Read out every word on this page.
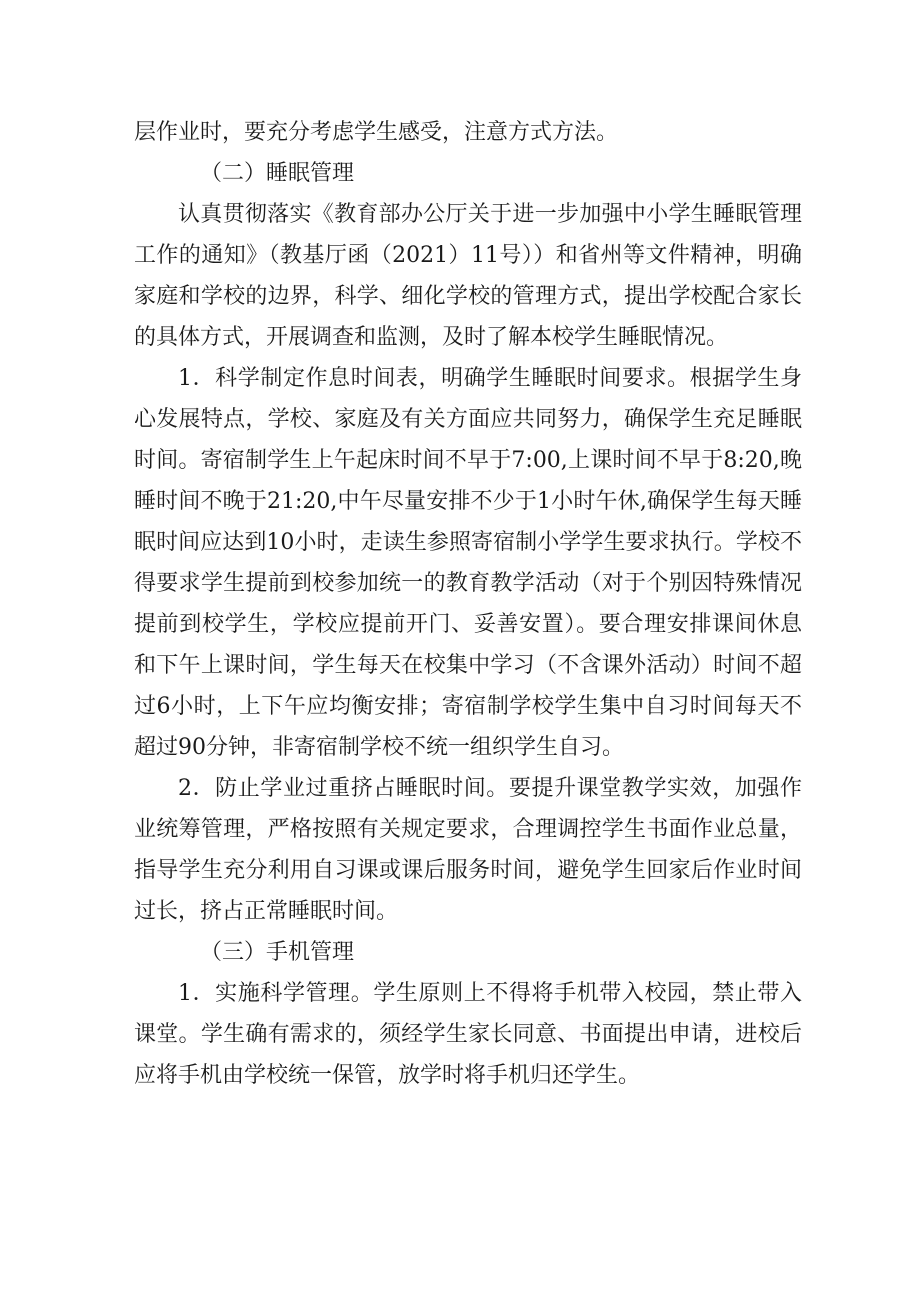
层作业时，要充分考虑学生感受，注意方式方法。

（二）睡眠管理

认真贯彻落实《教育部办公厅关于进一步加强中小学生睡眠管理工作的通知》（教基厅函（2021）11号））和省州等文件精神，明确家庭和学校的边界，科学、细化学校的管理方式，提出学校配合家长的具体方式，开展调查和监测，及时了解本校学生睡眠情况。

1．科学制定作息时间表，明确学生睡眠时间要求。根据学生身心发展特点，学校、家庭及有关方面应共同努力，确保学生充足睡眠时间。寄宿制学生上午起床时间不早于7:00,上课时间不早于8:20,晚睡时间不晚于21:20,中午尽量安排不少于1小时午休,确保学生每天睡眠时间应达到10小时，走读生参照寄宿制小学学生要求执行。学校不得要求学生提前到校参加统一的教育教学活动（对于个别因特殊情况提前到校学生，学校应提前开门、妥善安置）。要合理安排课间休息和下午上课时间，学生每天在校集中学习（不含课外活动）时间不超过6小时，上下午应均衡安排；寄宿制学校学生集中自习时间每天不超过90分钟，非寄宿制学校不统一组织学生自习。

2．防止学业过重挤占睡眠时间。要提升课堂教学实效，加强作业统筹管理，严格按照有关规定要求，合理调控学生书面作业总量，指导学生充分利用自习课或课后服务时间，避免学生回家后作业时间过长，挤占正常睡眠时间。

（三）手机管理

1．实施科学管理。学生原则上不得将手机带入校园，禁止带入课堂。学生确有需求的，须经学生家长同意、书面提出申请，进校后应将手机由学校统一保管，放学时将手机归还学生。
